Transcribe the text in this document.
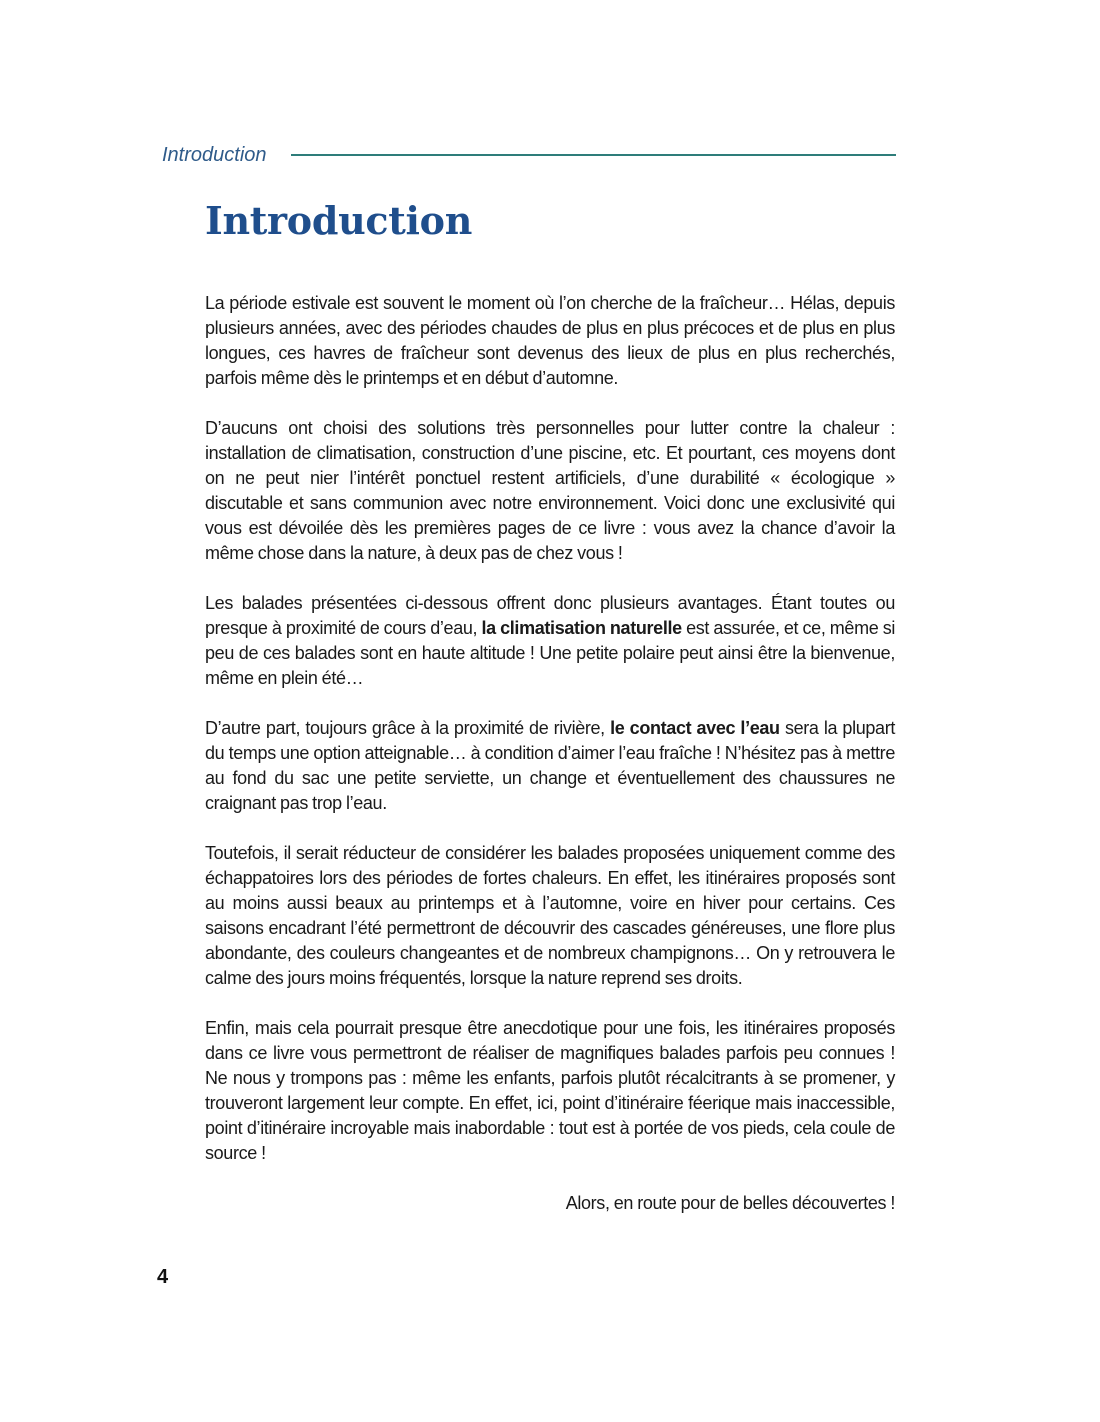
Introduction
Introduction

La période estivale est souvent le moment où l’on cherche de la fraîcheur… Hélas, depuis plusieurs années, avec des périodes chaudes de plus en plus précoces et de plus en plus longues, ces havres de fraîcheur sont devenus des lieux de plus en plus recherchés, parfois même dès le printemps et en début d’automne.

D’aucuns ont choisi des solutions très personnelles pour lutter contre la chaleur : installation de climatisation, construction d’une piscine, etc. Et pourtant, ces moyens dont on ne peut nier l’intérêt ponctuel restent artificiels, d’une durabilité « écologique » discutable et sans communion avec notre environnement. Voici donc une exclusivité qui vous est dévoilée dès les premières pages de ce livre : vous avez la chance d’avoir la même chose dans la nature, à deux pas de chez vous !

Les balades présentées ci-dessous offrent donc plusieurs avantages. Étant toutes ou presque à proximité de cours d’eau, la climatisation naturelle est assurée, et ce, même si peu de ces balades sont en haute altitude ! Une petite polaire peut ainsi être la bienvenue, même en plein été…

D’autre part, toujours grâce à la proximité de rivière, le contact avec l’eau sera la plupart du temps une option atteignable… à condition d’aimer l’eau fraîche ! N’hésitez pas à mettre au fond du sac une petite serviette, un change et éventuellement des chaussures ne craignant pas trop l’eau.

Toutefois, il serait réducteur de considérer les balades proposées uniquement comme des échappatoires lors des périodes de fortes chaleurs. En effet, les itinéraires proposés sont au moins aussi beaux au printemps et à l’automne, voire en hiver pour certains. Ces saisons encadrant l’été permettront de découvrir des cascades généreuses, une flore plus abondante, des couleurs changeantes et de nombreux champignons… On y retrouvera le calme des jours moins fréquentés, lorsque la nature reprend ses droits.

Enfin, mais cela pourrait presque être anecdotique pour une fois, les itinéraires proposés dans ce livre vous permettront de réaliser de magnifiques balades parfois peu connues ! Ne nous y trompons pas : même les enfants, parfois plutôt récalcitrants à se promener, y trouveront largement leur compte. En effet, ici, point d’itinéraire féerique mais inaccessible, point d’itinéraire incroyable mais inabordable : tout est à portée de vos pieds, cela coule de source !

Alors, en route pour de belles découvertes !

4
